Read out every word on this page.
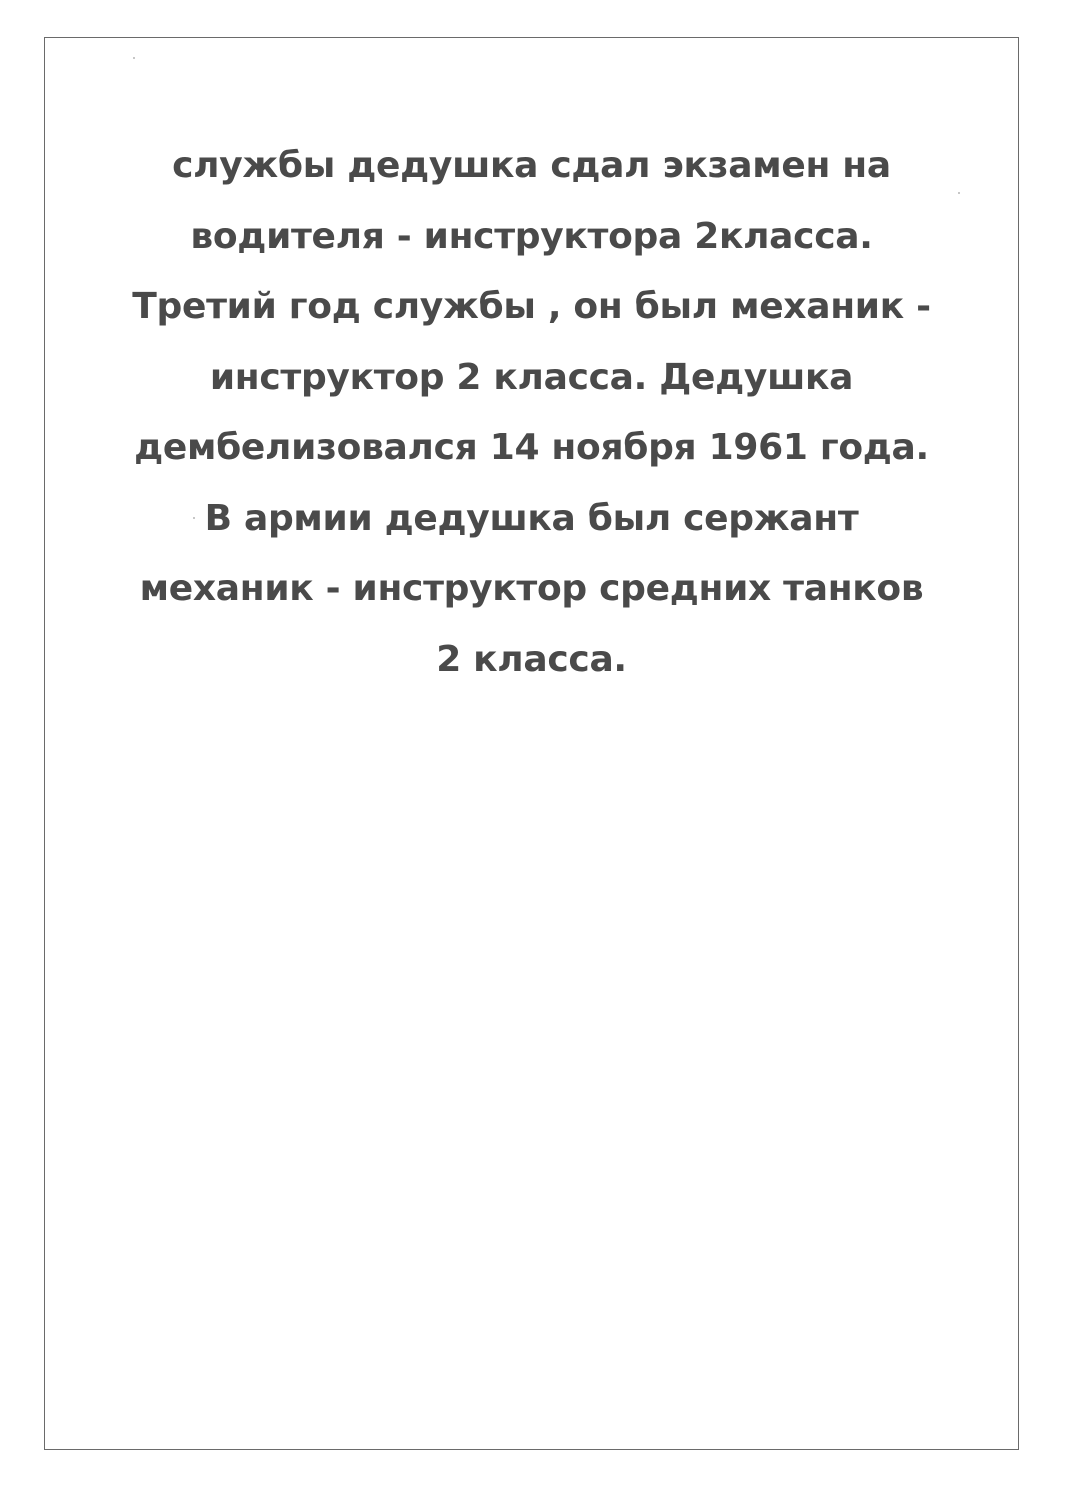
службы дедушка сдал экзамен на
водителя - инструктора 2класса.
Третий год службы , он был механик -
инструктор 2 класса. Дедушка
дембелизовался 14 ноября 1961 года.
В армии дедушка был сержант
механик - инструктор средних танков
2 класса.
